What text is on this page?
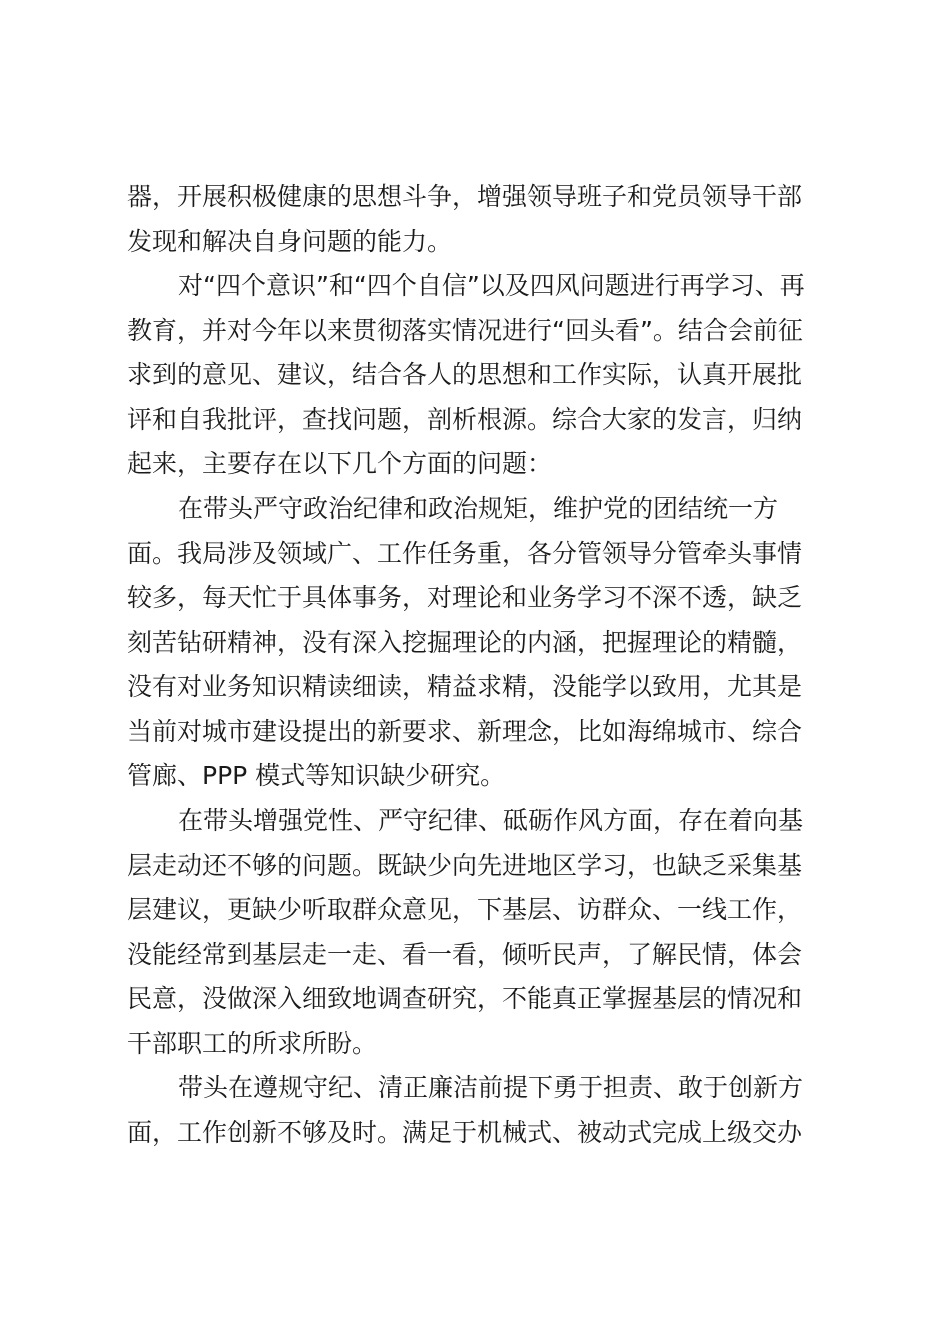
器，开展积极健康的思想斗争，增强领导班子和党员领导干部

发现和解决自身问题的能力。

对“四个意识”和“四个自信”以及四风问题进行再学习、再

教育，并对今年以来贯彻落实情况进行“回头看”。结合会前征

求到的意见、建议，结合各人的思想和工作实际，认真开展批

评和自我批评，查找问题，剖析根源。综合大家的发言，归纳

起来，主要存在以下几个方面的问题：

在带头严守政治纪律和政治规矩，维护党的团结统一方

面。我局涉及领域广、工作任务重，各分管领导分管牵头事情

较多，每天忙于具体事务，对理论和业务学习不深不透，缺乏

刻苦钻研精神，没有深入挖掘理论的内涵，把握理论的精髓，

没有对业务知识精读细读，精益求精，没能学以致用，尤其是

当前对城市建设提出的新要求、新理念，比如海绵城市、综合

管廊、PPP 模式等知识缺少研究。

在带头增强党性、严守纪律、砥砺作风方面，存在着向基

层走动还不够的问题。既缺少向先进地区学习，也缺乏采集基

层建议，更缺少听取群众意见，下基层、访群众、一线工作，

没能经常到基层走一走、看一看，倾听民声，了解民情，体会

民意，没做深入细致地调查研究，不能真正掌握基层的情况和

干部职工的所求所盼。

带头在遵规守纪、清正廉洁前提下勇于担责、敢于创新方

面，工作创新不够及时。满足于机械式、被动式完成上级交办
